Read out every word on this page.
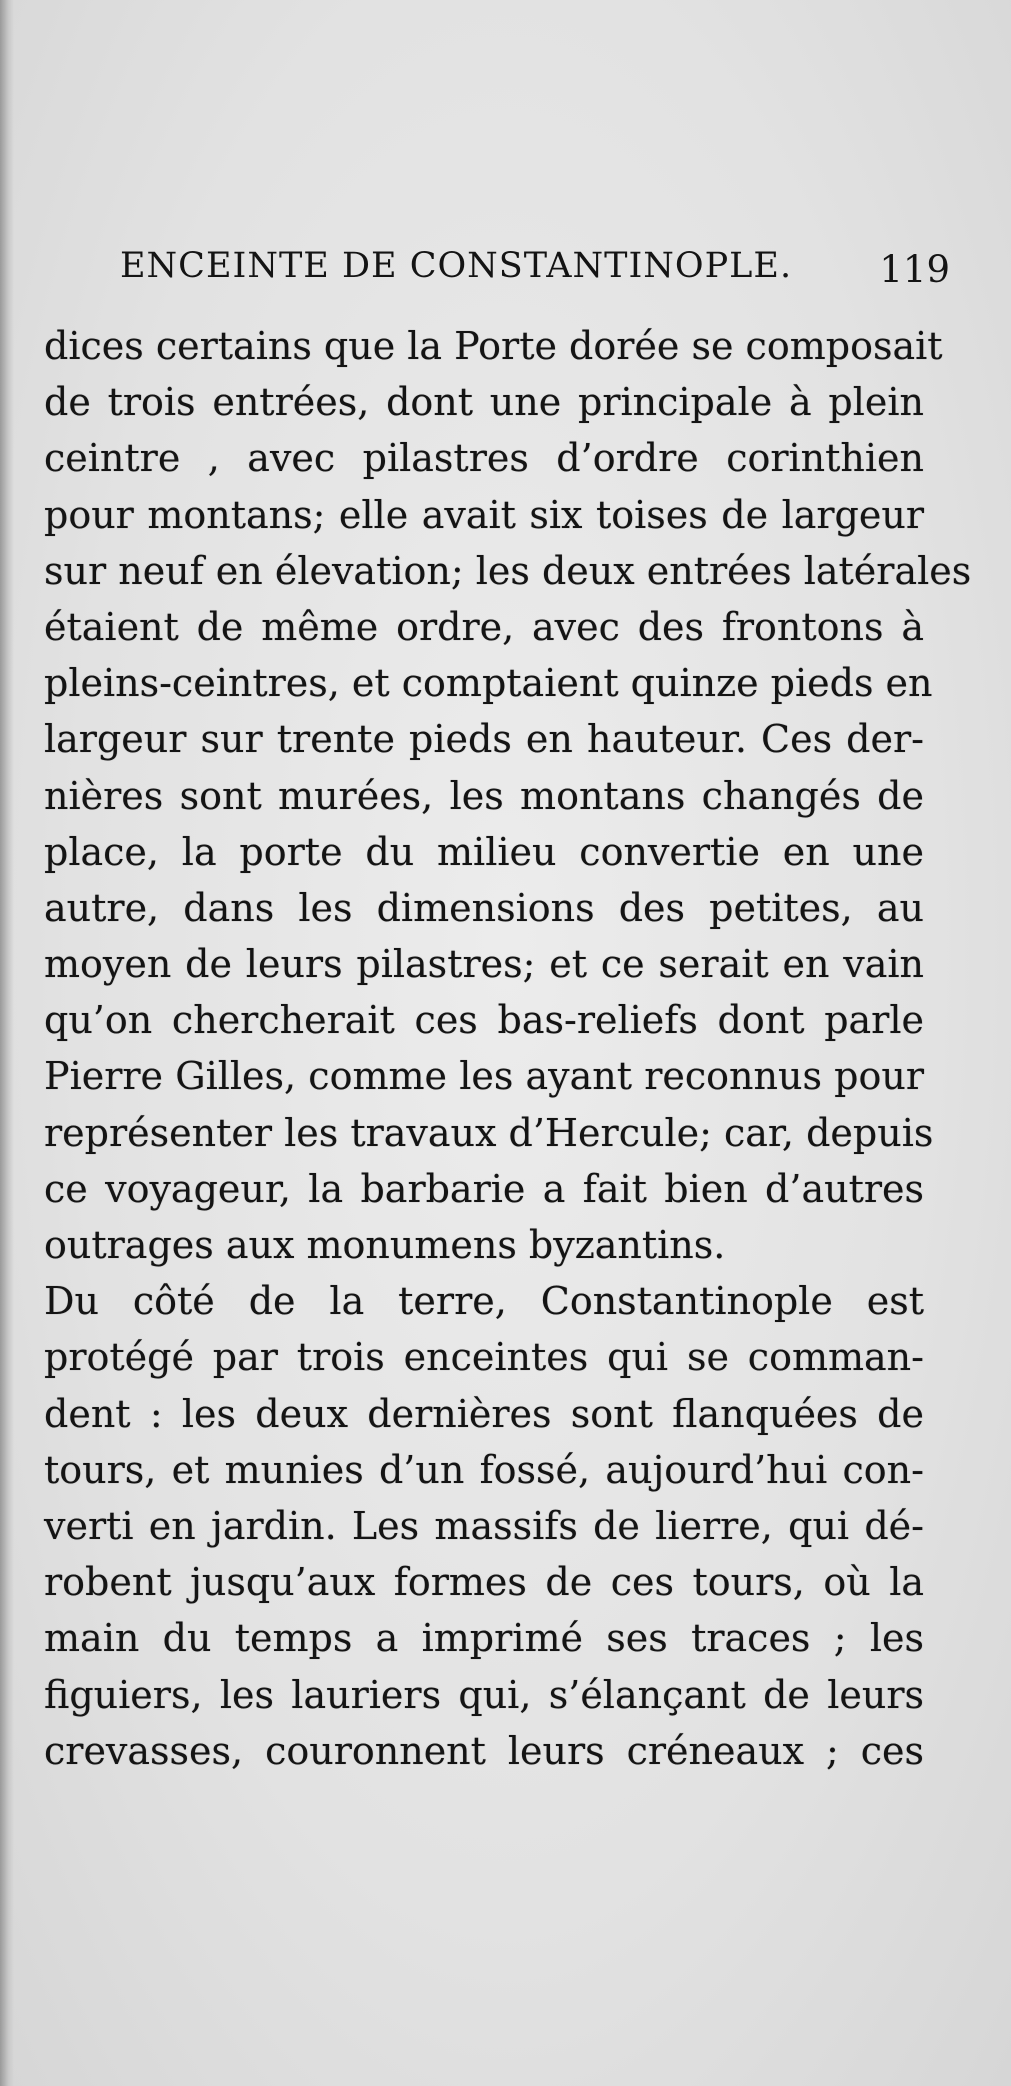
ENCEINTE DE CONSTANTINOPLE. 119
dices certains que la Porte dorée se composait
de trois entrées, dont une principale à plein
ceintre , avec pilastres d’ordre corinthien
pour montans; elle avait six toises de largeur
sur neuf en élevation; les deux entrées latérales
étaient de même ordre, avec des frontons à
pleins-ceintres, et comptaient quinze pieds en
largeur sur trente pieds en hauteur. Ces der-
nières sont murées, les montans changés de
place, la porte du milieu convertie en une
autre, dans les dimensions des petites, au
moyen de leurs pilastres; et ce serait en vain
qu’on chercherait ces bas-reliefs dont parle
Pierre Gilles, comme les ayant reconnus pour
représenter les travaux d’Hercule; car, depuis
ce voyageur, la barbarie a fait bien d’autres
outrages aux monumens byzantins.
Du côté de la terre, Constantinople est
protégé par trois enceintes qui se comman-
dent : les deux dernières sont flanquées de
tours, et munies d’un fossé, aujourd’hui con-
verti en jardin. Les massifs de lierre, qui dé-
robent jusqu’aux formes de ces tours, où la
main du temps a imprimé ses traces ; les
figuiers, les lauriers qui, s’élançant de leurs
crevasses, couronnent leurs créneaux ; ces
